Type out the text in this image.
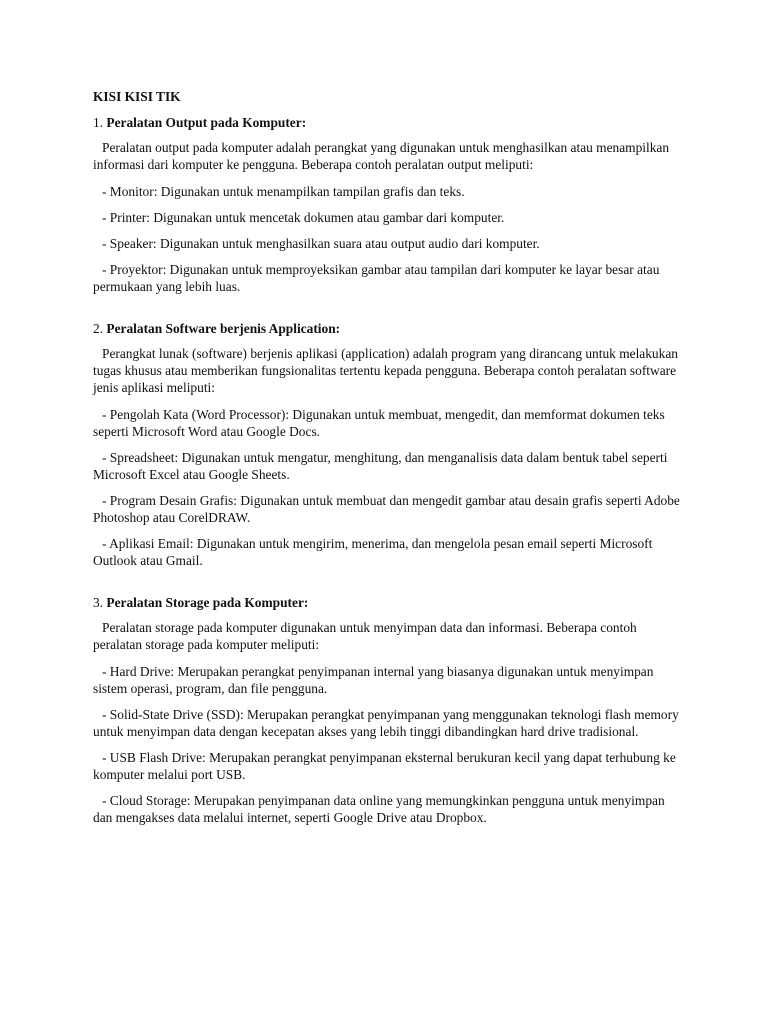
KISI KISI TIK

1. Peralatan Output pada Komputer:

Peralatan output pada komputer adalah perangkat yang digunakan untuk menghasilkan atau menampilkan informasi dari komputer ke pengguna. Beberapa contoh peralatan output meliputi:

- Monitor: Digunakan untuk menampilkan tampilan grafis dan teks.

- Printer: Digunakan untuk mencetak dokumen atau gambar dari komputer.

- Speaker: Digunakan untuk menghasilkan suara atau output audio dari komputer.

- Proyektor: Digunakan untuk memproyeksikan gambar atau tampilan dari komputer ke layar besar atau permukaan yang lebih luas.

2. Peralatan Software berjenis Application:

Perangkat lunak (software) berjenis aplikasi (application) adalah program yang dirancang untuk melakukan tugas khusus atau memberikan fungsionalitas tertentu kepada pengguna. Beberapa contoh peralatan software jenis aplikasi meliputi:

- Pengolah Kata (Word Processor): Digunakan untuk membuat, mengedit, dan memformat dokumen teks seperti Microsoft Word atau Google Docs.

- Spreadsheet: Digunakan untuk mengatur, menghitung, dan menganalisis data dalam bentuk tabel seperti Microsoft Excel atau Google Sheets.

- Program Desain Grafis: Digunakan untuk membuat dan mengedit gambar atau desain grafis seperti Adobe Photoshop atau CorelDRAW.

- Aplikasi Email: Digunakan untuk mengirim, menerima, dan mengelola pesan email seperti Microsoft Outlook atau Gmail.

3. Peralatan Storage pada Komputer:

Peralatan storage pada komputer digunakan untuk menyimpan data dan informasi. Beberapa contoh peralatan storage pada komputer meliputi:

- Hard Drive: Merupakan perangkat penyimpanan internal yang biasanya digunakan untuk menyimpan sistem operasi, program, dan file pengguna.

- Solid-State Drive (SSD): Merupakan perangkat penyimpanan yang menggunakan teknologi flash memory untuk menyimpan data dengan kecepatan akses yang lebih tinggi dibandingkan hard drive tradisional.

- USB Flash Drive: Merupakan perangkat penyimpanan eksternal berukuran kecil yang dapat terhubung ke komputer melalui port USB.

- Cloud Storage: Merupakan penyimpanan data online yang memungkinkan pengguna untuk menyimpan dan mengakses data melalui internet, seperti Google Drive atau Dropbox.
